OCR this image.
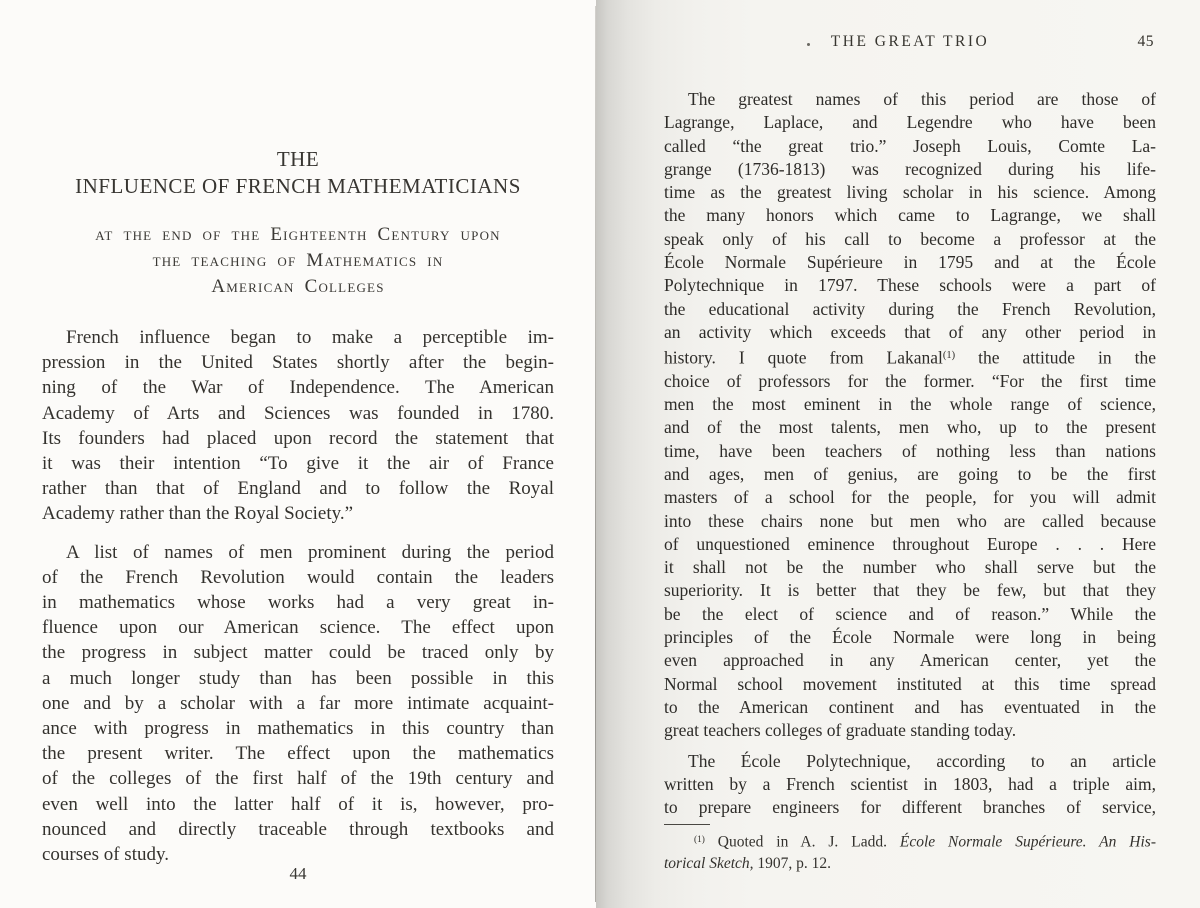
THE
INFLUENCE OF FRENCH MATHEMATICIANS
at the end of the Eighteenth Century upon
the teaching of Mathematics in
American Colleges
French influence began to make a perceptible im-
pression in the United States shortly after the begin-
ning of the War of Independence. The American
Academy of Arts and Sciences was founded in 1780.
Its founders had placed upon record the statement that
it was their intention “To give it the air of France
rather than that of England and to follow the Royal
Academy rather than the Royal Society.”
A list of names of men prominent during the period
of the French Revolution would contain the leaders
in mathematics whose works had a very great in-
fluence upon our American science. The effect upon
the progress in subject matter could be traced only by
a much longer study than has been possible in this
one and by a scholar with a far more intimate acquaint-
ance with progress in mathematics in this country than
the present writer. The effect upon the mathematics
of the colleges of the first half of the 19th century and
even well into the latter half of it is, however, pro-
nounced and directly traceable through textbooks and
courses of study.
44
THE GREAT TRIO	45
The greatest names of this period are those of
Lagrange, Laplace, and Legendre who have been
called “the great trio.” Joseph Louis, Comte La-
grange (1736-1813) was recognized during his life-
time as the greatest living scholar in his science. Among
the many honors which came to Lagrange, we shall
speak only of his call to become a professor at the
École Normale Supérieure in 1795 and at the École
Polytechnique in 1797. These schools were a part of
the educational activity during the French Revolution,
an activity which exceeds that of any other period in
history. I quote from Lakanal$^{(1)}$ the attitude in the
choice of professors for the former. “For the first time
men the most eminent in the whole range of science,
and of the most talents, men who, up to the present
time, have been teachers of nothing less than nations
and ages, men of genius, are going to be the first
masters of a school for the people, for you will admit
into these chairs none but men who are called because
of unquestioned eminence throughout Europe . . . Here
it shall not be the number who shall serve but the
superiority. It is better that they be few, but that they
be the elect of science and of reason.” While the
principles of the École Normale were long in being
even approached in any American center, yet the
Normal school movement instituted at this time spread
to the American continent and has eventuated in the
great teachers colleges of graduate standing today.
The École Polytechnique, according to an article
written by a French scientist in 1803, had a triple aim,
to prepare engineers for different branches of service,
$^{(1)}$ Quoted in A. J. Ladd. École Normale Supérieure. An His-
torical Sketch, 1907, p. 12.
